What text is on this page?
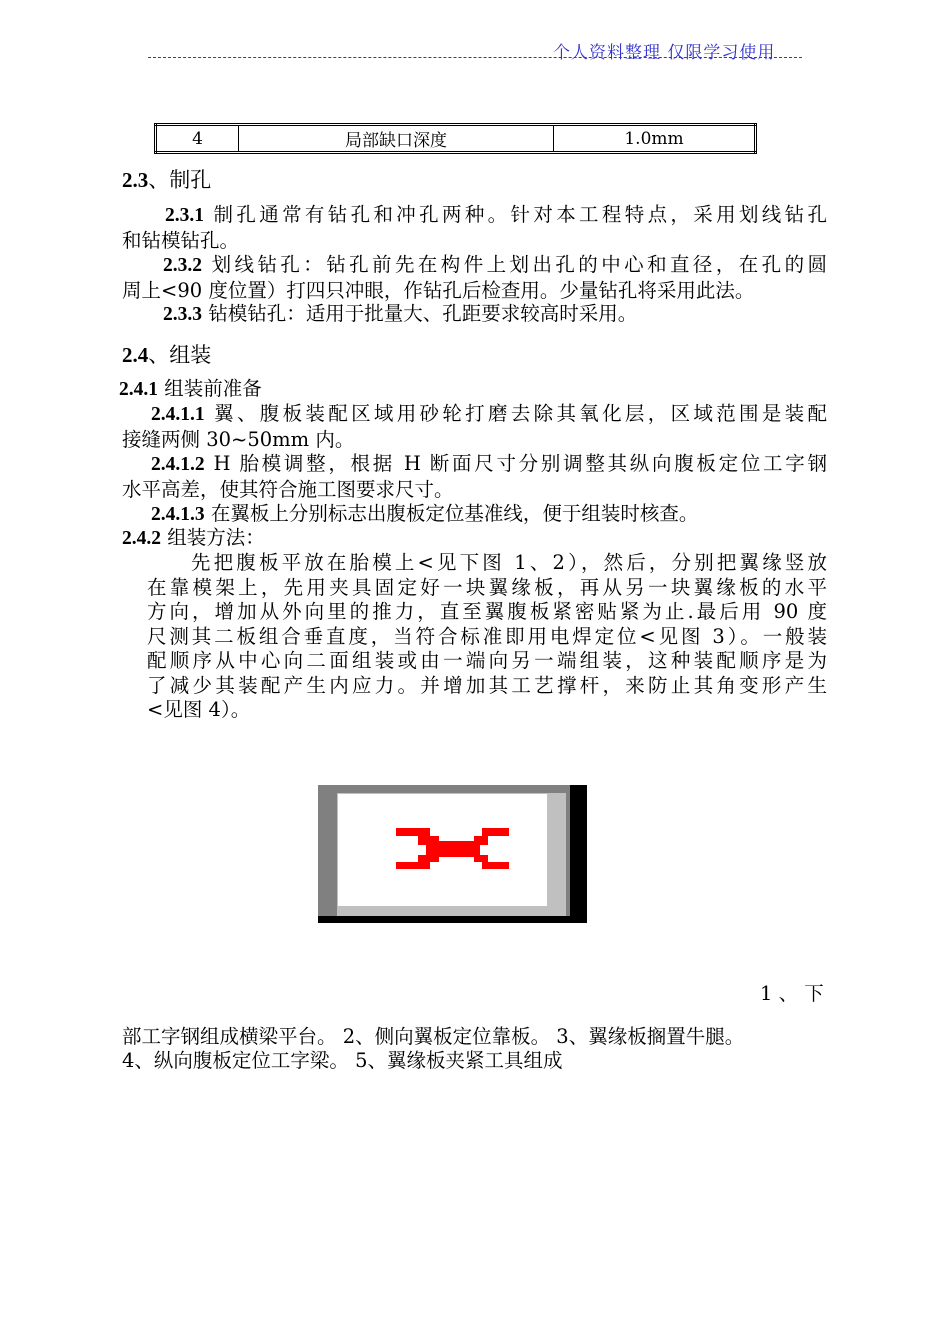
个人资料整理 仅限学习使用
4	局部缺口深度	1.0mm
2.3、制孔
2.3.1 制孔通常有钻孔和冲孔两种。针对本工程特点，采用划线钻孔
和钻模钻孔。
2.3.2 划线钻孔：钻孔前先在构件上划出孔的中心和直径，在孔的圆
周上<90 度位置）打四只冲眼，作钻孔后检查用。少量钻孔将采用此法。
2.3.3 钻模钻孔：适用于批量大、孔距要求较高时采用。
2.4、组装
2.4.1 组装前准备
2.4.1.1 翼、腹板装配区域用砂轮打磨去除其氧化层，区域范围是装配
接缝两侧 30~50mm 内。
2.4.1.2 H 胎模调整，根据 H 断面尺寸分别调整其纵向腹板定位工字钢
水平高差，使其符合施工图要求尺寸。
2.4.1.3 在翼板上分别标志出腹板定位基准线，便于组装时核查。
2.4.2 组装方法：
先把腹板平放在胎模上<见下图 1、2），然后，分别把翼缘竖放
在靠模架上，先用夹具固定好一块翼缘板，再从另一块翼缘板的水平
方向，增加从外向里的推力，直至翼腹板紧密贴紧为止.最后用 90 度
尺测其二板组合垂直度，当符合标准即用电焊定位<见图 3）。一般装
配顺序从中心向二面组装或由一端向另一端组装，这种装配顺序是为
了减少其装配产生内应力。并增加其工艺撑杆，来防止其角变形产生
<见图 4）。
1 、 下
部工字钢组成横梁平台。 2、侧向翼板定位靠板。 3、翼缘板搁置牛腿。
4、纵向腹板定位工字梁。 5、翼缘板夹紧工具组成
